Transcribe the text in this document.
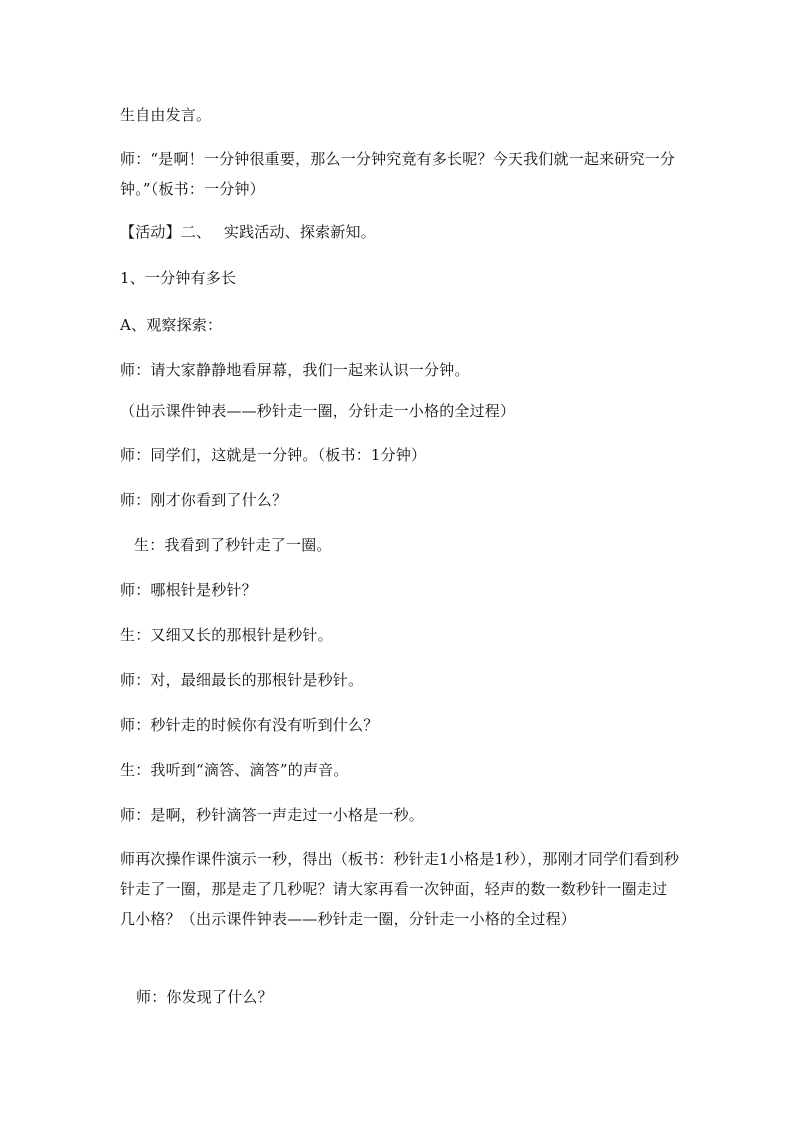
生自由发言。
师：“是啊！一分钟很重要，那么一分钟究竟有多长呢？今天我们就一起来研究一分钟。”（板书：一分钟）
【活动】二、　 实践活动、探索新知。
1、一分钟有多长
A、观察探索：
师：请大家静静地看屏幕，我们一起来认识一分钟。
（出示课件钟表——秒针走一圈，分针走一小格的全过程）
师：同学们，这就是一分钟。（板书：1分钟）
师：刚才你看到了什么？
生：我看到了秒针走了一圈。
师：哪根针是秒针？
生：又细又长的那根针是秒针。
师：对，最细最长的那根针是秒针。
师：秒针走的时候你有没有听到什么？
生：我听到“滴答、滴答”的声音。
师：是啊，秒针滴答一声走过一小格是一秒。
师再次操作课件演示一秒，得出（板书：秒针走1小格是1秒），那刚才同学们看到秒针走了一圈，那是走了几秒呢？请大家再看一次钟面，轻声的数一数秒针一圈走过几小格？（出示课件钟表——秒针走一圈，分针走一小格的全过程）
师：你发现了什么？
